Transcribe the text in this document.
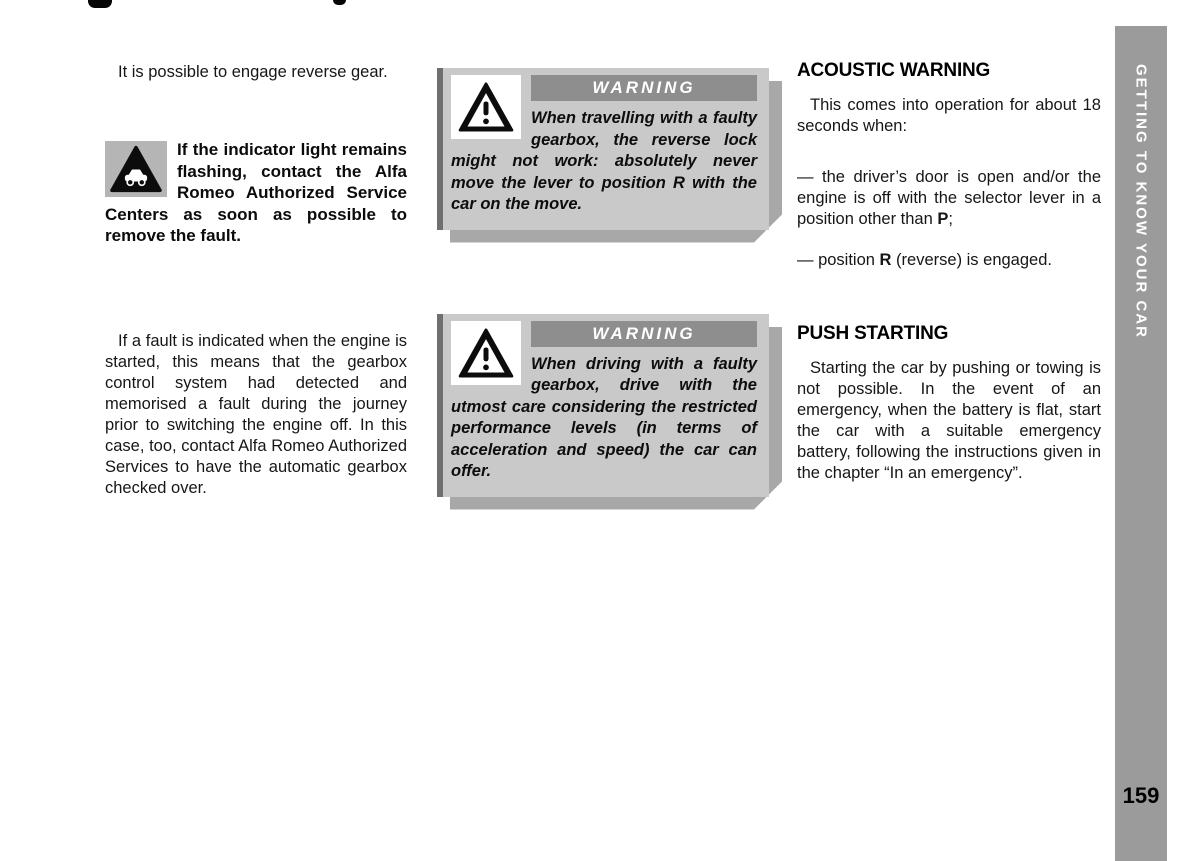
It is possible to engage reverse gear.

If the indicator light remains flashing, contact the Alfa Romeo Authorized Service Centers as soon as possible to remove the fault.

If a fault is indicated when the engine is started, this means that the gearbox control system had detected and memorised a fault during the journey prior to switching the engine off. In this case, too, contact Alfa Romeo Authorized Services to have the automatic gearbox checked over.

WARNING
When travelling with a faulty gearbox, the reverse lock might not work: absolutely never move the lever to position R with the car on the move.
WARNING
When driving with a faulty gearbox, drive with the utmost care considering the restricted performance levels (in terms of acceleration and speed) the car can offer.
ACOUSTIC WARNING

This comes into operation for about 18 seconds when:

— the driver’s door is open and/or the engine is off with the selector lever in a position other than P;

— position R (reverse) is engaged.

PUSH STARTING

Starting the car by pushing or towing is not possible. In the event of an emergency, when the battery is flat, start the car with a suitable emergency battery, following the instructions given in the chapter “In an emergency”.

GETTING TO KNOW YOUR CAR
159
